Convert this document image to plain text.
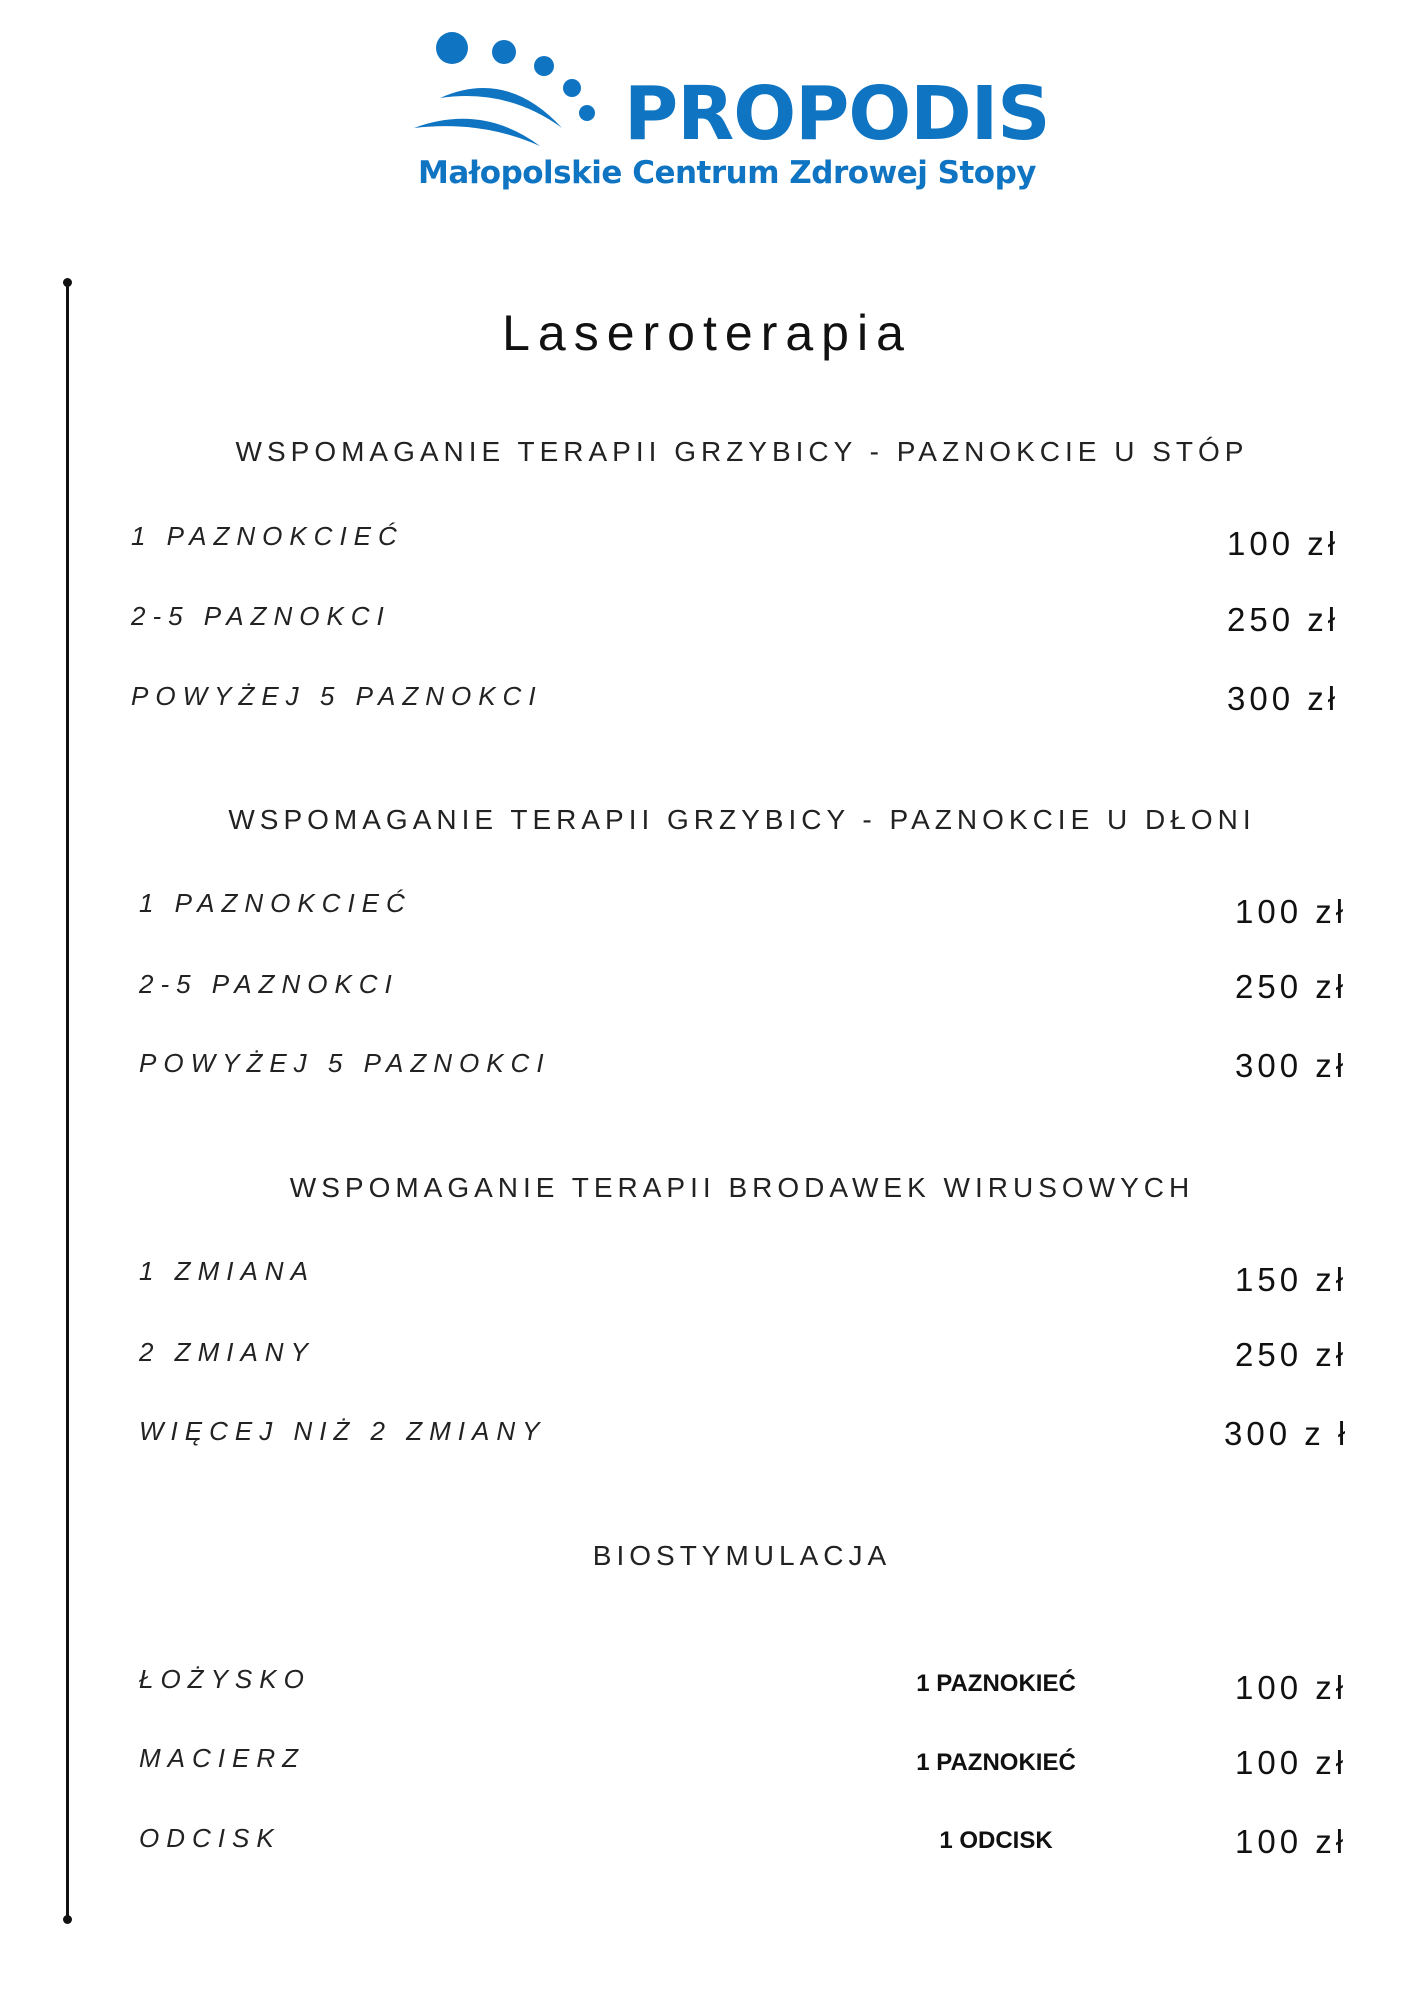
PROPODIS
Małopolskie Centrum Zdrowej Stopy
Laseroterapia
WSPOMAGANIE TERAPII GRZYBICY - PAZNOKCIE U STÓP
1 PAZNOKCIEĆ	100 zł
2-5 PAZNOKCI	250 zł
POWYŻEJ 5 PAZNOKCI	300 zł
WSPOMAGANIE TERAPII GRZYBICY - PAZNOKCIE U DŁONI
1 PAZNOKCIEĆ	100 zł
2-5 PAZNOKCI	250 zł
POWYŻEJ 5 PAZNOKCI	300 zł
WSPOMAGANIE TERAPII BRODAWEK WIRUSOWYCH
1 ZMIANA	150 zł
2 ZMIANY	250 zł
WIĘCEJ NIŻ 2 ZMIANY	300 z ł
BIOSTYMULACJA
ŁOŻYSKO	1 PAZNOKIEĆ	100 zł
MACIERZ	1 PAZNOKIEĆ	100 zł
ODCISK	1 ODCISK	100 zł
